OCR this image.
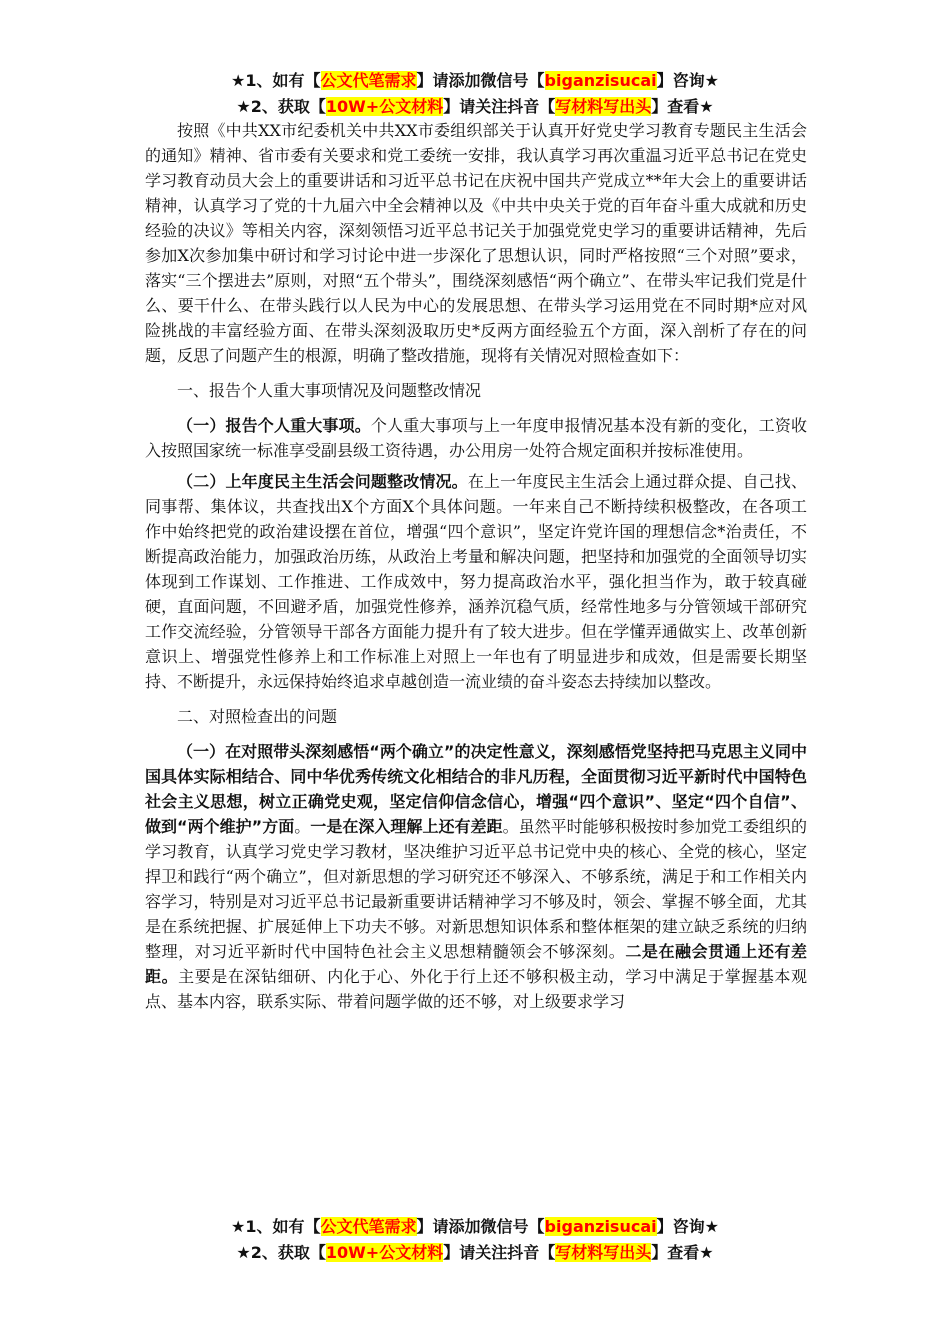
★1、如有【公文代笔需求】请添加微信号【biganzisucai】咨询★
★2、获取【10W+公文材料】请关注抖音【写材料写出头】查看★

按照《中共XX市纪委机关中共XX市委组织部关于认真开好党史学习教育专题民主生活会的通知》精神、省市委有关要求和党工委统一安排，我认真学习再次重温习近平总书记在党史学习教育动员大会上的重要讲话和习近平总书记在庆祝中国共产党成立**年大会上的重要讲话精神，认真学习了党的十九届六中全会精神以及《中共中央关于党的百年奋斗重大成就和历史经验的决议》等相关内容，深刻领悟习近平总书记关于加强党党史学习的重要讲话精神，先后参加X次参加集中研讨和学习讨论中进一步深化了思想认识，同时严格按照“三个对照”要求，落实“三个摆进去”原则，对照“五个带头”，围绕深刻感悟“两个确立”、在带头牢记我们党是什么、要干什么、在带头践行以人民为中心的发展思想、在带头学习运用党在不同时期*应对风险挑战的丰富经验方面、在带头深刻汲取历史*反两方面经验五个方面，深入剖析了存在的问题，反思了问题产生的根源，明确了整改措施，现将有关情况对照检查如下：

一、报告个人重大事项情况及问题整改情况

（一）报告个人重大事项。个人重大事项与上一年度申报情况基本没有新的变化，工资收入按照国家统一标准享受副县级工资待遇，办公用房一处符合规定面积并按标准使用。

（二）上年度民主生活会问题整改情况。在上一年度民主生活会上通过群众提、自己找、同事帮、集体议，共查找出X个方面X个具体问题。一年来自己不断持续积极整改，在各项工作中始终把党的政治建设摆在首位，增强“四个意识”，坚定许党许国的理想信念*治责任，不断提高政治能力，加强政治历练，从政治上考量和解决问题，把坚持和加强党的全面领导切实体现到工作谋划、工作推进、工作成效中，努力提高政治水平，强化担当作为，敢于较真碰硬，直面问题，不回避矛盾，加强党性修养，涵养沉稳气质，经常性地多与分管领域干部研究工作交流经验，分管领导干部各方面能力提升有了较大进步。但在学懂弄通做实上、改革创新意识上、增强党性修养上和工作标准上对照上一年也有了明显进步和成效，但是需要长期坚持、不断提升，永远保持始终追求卓越创造一流业绩的奋斗姿态去持续加以整改。

二、对照检查出的问题

（一）在对照带头深刻感悟“两个确立”的决定性意义，深刻感悟党坚持把马克思主义同中国具体实际相结合、同中华优秀传统文化相结合的非凡历程，全面贯彻习近平新时代中国特色社会主义思想，树立正确党史观，坚定信仰信念信心，增强“四个意识”、坚定“四个自信”、做到“两个维护”方面。一是在深入理解上还有差距。虽然平时能够积极按时参加党工委组织的学习教育，认真学习党史学习教材，坚决维护习近平总书记党中央的核心、全党的核心，坚定捍卫和践行“两个确立”，但对新思想的学习研究还不够深入、不够系统，满足于和工作相关内容学习，特别是对习近平总书记最新重要讲话精神学习不够及时，领会、掌握不够全面，尤其是在系统把握、扩展延伸上下功夫不够。对新思想知识体系和整体框架的建立缺乏系统的归纳整理，对习近平新时代中国特色社会主义思想精髓领会不够深刻。二是在融会贯通上还有差距。主要是在深钻细研、内化于心、外化于行上还不够积极主动，学习中满足于掌握基本观点、基本内容，联系实际、带着问题学做的还不够，对上级要求学习

★1、如有【公文代笔需求】请添加微信号【biganzisucai】咨询★
★2、获取【10W+公文材料】请关注抖音【写材料写出头】查看★
